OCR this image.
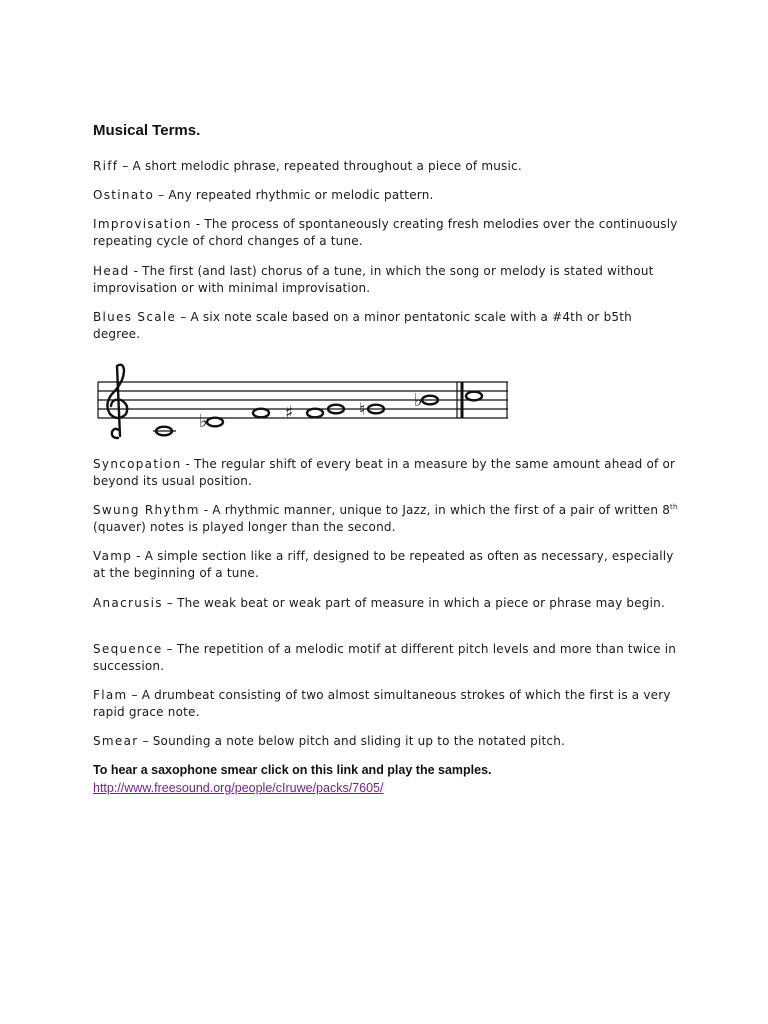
Musical Terms.
Riff – A short melodic phrase, repeated throughout a piece of music.
Ostinato – Any repeated rhythmic or melodic pattern.
Improvisation - The process of spontaneously creating fresh melodies over the continuously repeating cycle of chord changes of a tune.
Head - The first (and last) chorus of a tune, in which the song or melody is stated without improvisation or with minimal improvisation.
Blues Scale – A six note scale based on a minor pentatonic scale with a #4th or b5th degree.
♭	♯	♮	♭
Syncopation - The regular shift of every beat in a measure by the same amount ahead of or beyond its usual position.
Swung Rhythm - A rhythmic manner, unique to Jazz, in which the first of a pair of written 8th (quaver) notes is played longer than the second.
Vamp - A simple section like a riff, designed to be repeated as often as necessary, especially at the beginning of a tune.
Anacrusis – The weak beat or weak part of measure in which a piece or phrase may begin.
Sequence – The repetition of a melodic motif at different pitch levels and more than twice in succession.
Flam – A drumbeat consisting of two almost simultaneous strokes of which the first is a very rapid grace note.
Smear – Sounding a note below pitch and sliding it up to the notated pitch.
To hear a saxophone smear click on this link and play the samples.
http://www.freesound.org/people/cIruwe/packs/7605/
